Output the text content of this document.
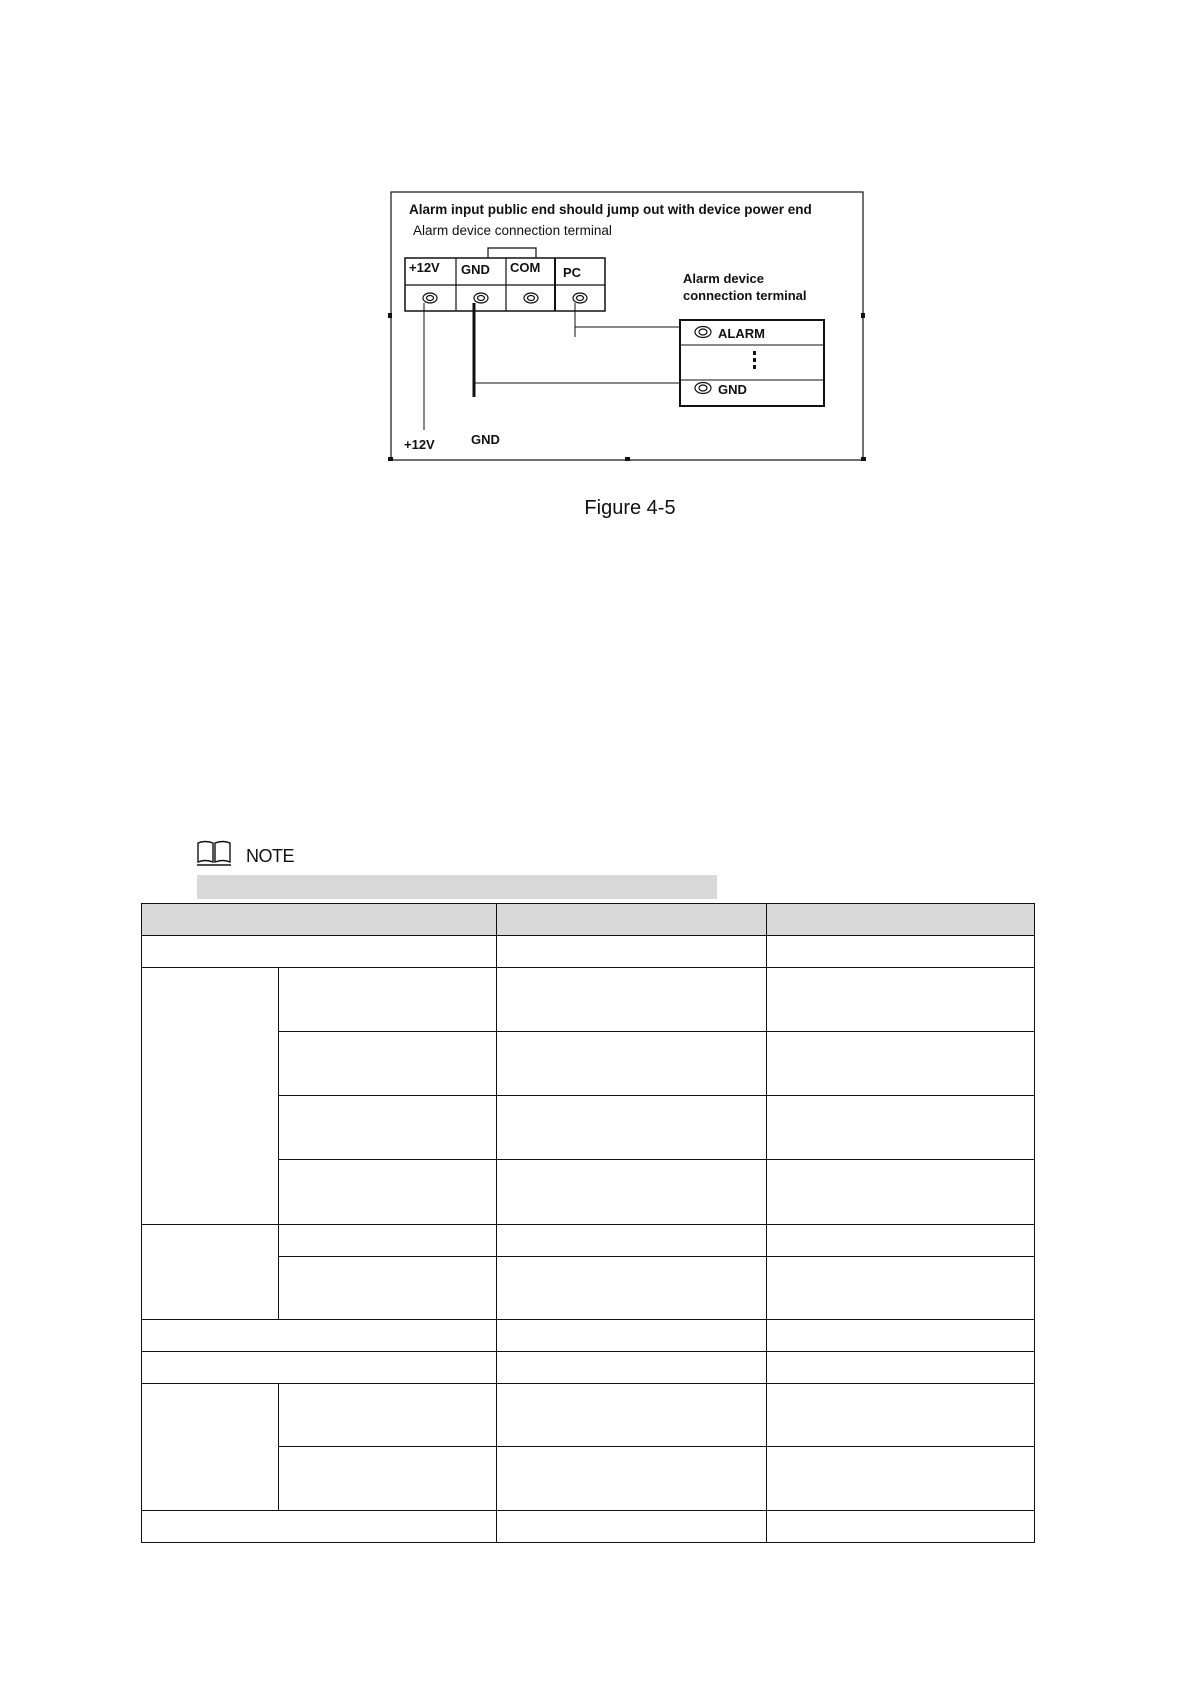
Alarm input public end should jump out with device power end
Alarm device connection terminal
+12V GND COM PC	Alarm device
connection terminal
ALARM
GND
+12V	GND
Figure 4-5
NOTE
